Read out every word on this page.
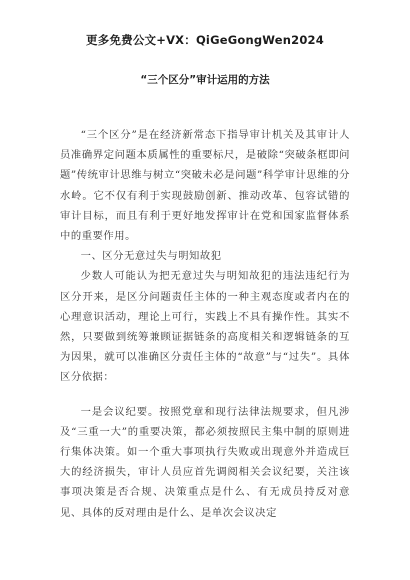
更多免费公文+VX：QiGeGongWen2024
“三个区分”审计运用的方法

“三个区分”是在经济新常态下指导审计机关及其审计人员准确界定问题本质属性的重要标尺，是破除“突破条框即问题”传统审计思维与树立“突破未必是问题”科学审计思维的分水岭。它不仅有利于实现鼓励创新、推动改革、包容试错的审计目标，而且有利于更好地发挥审计在党和国家监督体系中的重要作用。

一、区分无意过失与明知故犯

少数人可能认为把无意过失与明知故犯的违法违纪行为区分开来，是区分问题责任主体的一种主观态度或者内在的心理意识活动，理论上可行，实践上不具有操作性。其实不然，只要做到统筹兼顾证据链条的高度相关和逻辑链条的互为因果，就可以准确区分责任主体的“故意”与“过失”。具体区分依据：

一是会议纪要。按照党章和现行法律法规要求，但凡涉及“三重一大”的重要决策，都必须按照民主集中制的原则进行集体决策。如一个重大事项执行失败或出现意外并造成巨大的经济损失，审计人员应首先调阅相关会议纪要，关注该事项决策是否合规、决策重点是什么、有无成员持反对意见、具体的反对理由是什么、是单次会议决定
